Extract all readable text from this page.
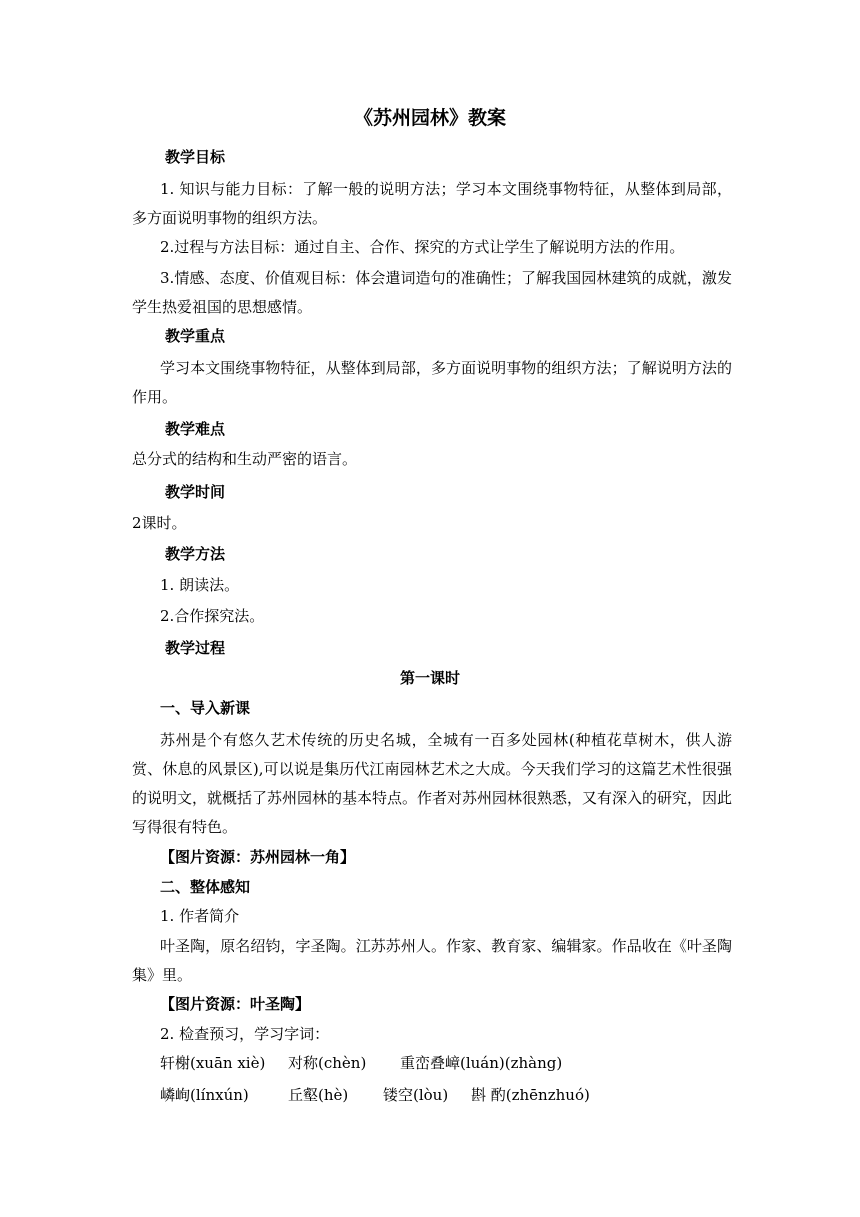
《苏州园林》教案
教学目标

1. 知识与能力目标：了解一般的说明方法；学习本文围绕事物特征，从整体到局部，多方面说明事物的组织方法。

2.过程与方法目标：通过自主、合作、探究的方式让学生了解说明方法的作用。

3.情感、态度、价值观目标：体会遣词造句的准确性；了解我国园林建筑的成就，激发学生热爱祖国的思想感情。

教学重点

学习本文围绕事物特征，从整体到局部，多方面说明事物的组织方法；了解说明方法的作用。

教学难点
总分式的结构和生动严密的语言。
教学时间
2课时。
教学方法
1. 朗读法。
2.合作探究法。
教学过程
第一课时
一、导入新课

苏州是个有悠久艺术传统的历史名城，全城有一百多处园林(种植花草树木，供人游赏、休息的风景区),可以说是集历代江南园林艺术之大成。今天我们学习的这篇艺术性很强的说明文，就概括了苏州园林的基本特点。作者对苏州园林很熟悉，又有深入的研究，因此写得很有特色。

【图片资源：苏州园林一角】
二、整体感知
1. 作者简介

叶圣陶，原名绍钧，字圣陶。江苏苏州人。作家、教育家、编辑家。作品收在《叶圣陶集》里。

【图片资源：叶圣陶】
2. 检查预习，学习字词：
轩榭(xuān xiè) 对称(chèn) 重峦叠嶂(luán)(zhàng)
嶙峋(línxún)	丘壑(hè) 镂空(lòu) 斟 酌(zhēnzhuó)
